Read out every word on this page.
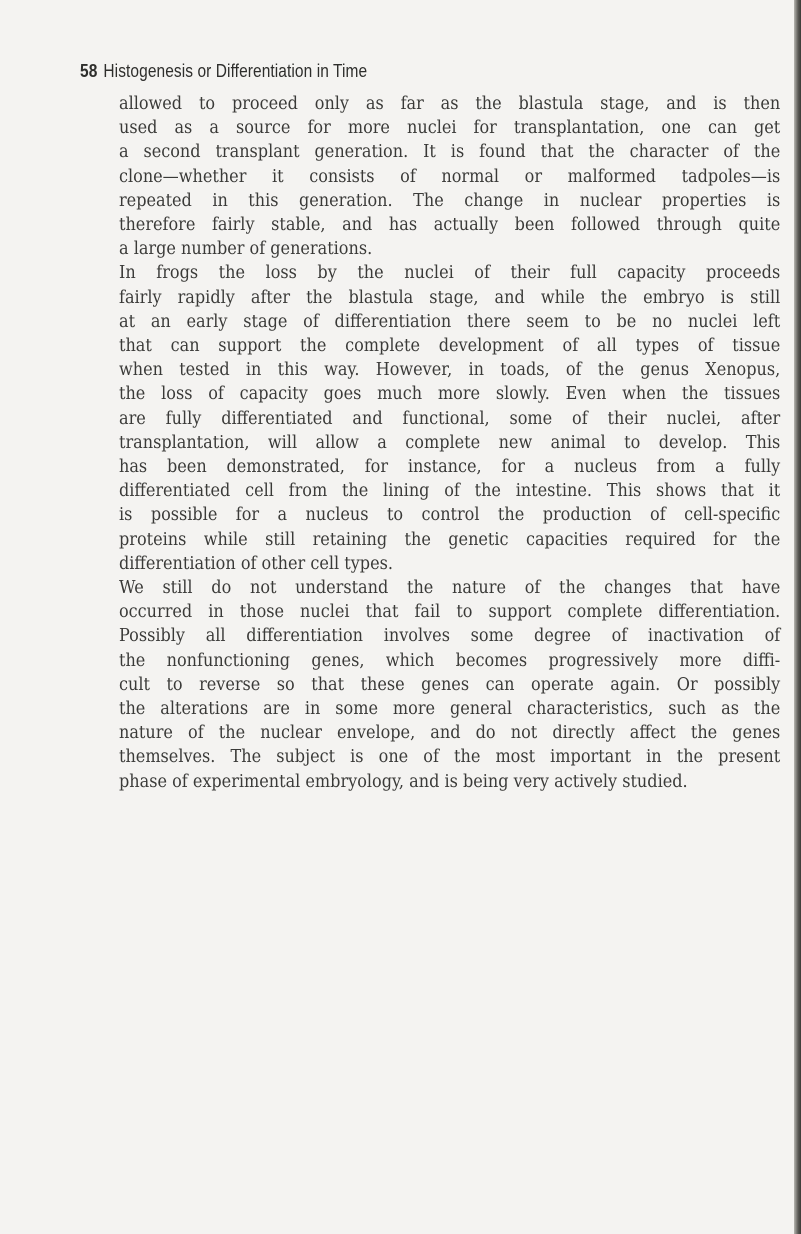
58 Histogenesis or Differentiation in Time
allowed to proceed only as far as the blastula stage, and is then
used as a source for more nuclei for transplantation, one can get
a second transplant generation. It is found that the character of the
clone—whether it consists of normal or malformed tadpoles—is
repeated in this generation. The change in nuclear properties is
therefore fairly stable, and has actually been followed through quite
a large number of generations.
In frogs the loss by the nuclei of their full capacity proceeds
fairly rapidly after the blastula stage, and while the embryo is still
at an early stage of differentiation there seem to be no nuclei left
that can support the complete development of all types of tissue
when tested in this way. However, in toads, of the genus Xenopus,
the loss of capacity goes much more slowly. Even when the tissues
are fully differentiated and functional, some of their nuclei, after
transplantation, will allow a complete new animal to develop. This
has been demonstrated, for instance, for a nucleus from a fully
differentiated cell from the lining of the intestine. This shows that it
is possible for a nucleus to control the production of cell-specific
proteins while still retaining the genetic capacities required for the
differentiation of other cell types.
We still do not understand the nature of the changes that have
occurred in those nuclei that fail to support complete differentiation.
Possibly all differentiation involves some degree of inactivation of
the nonfunctioning genes, which becomes progressively more diffi-
cult to reverse so that these genes can operate again. Or possibly
the alterations are in some more general characteristics, such as the
nature of the nuclear envelope, and do not directly affect the genes
themselves. The subject is one of the most important in the present
phase of experimental embryology, and is being very actively studied.
